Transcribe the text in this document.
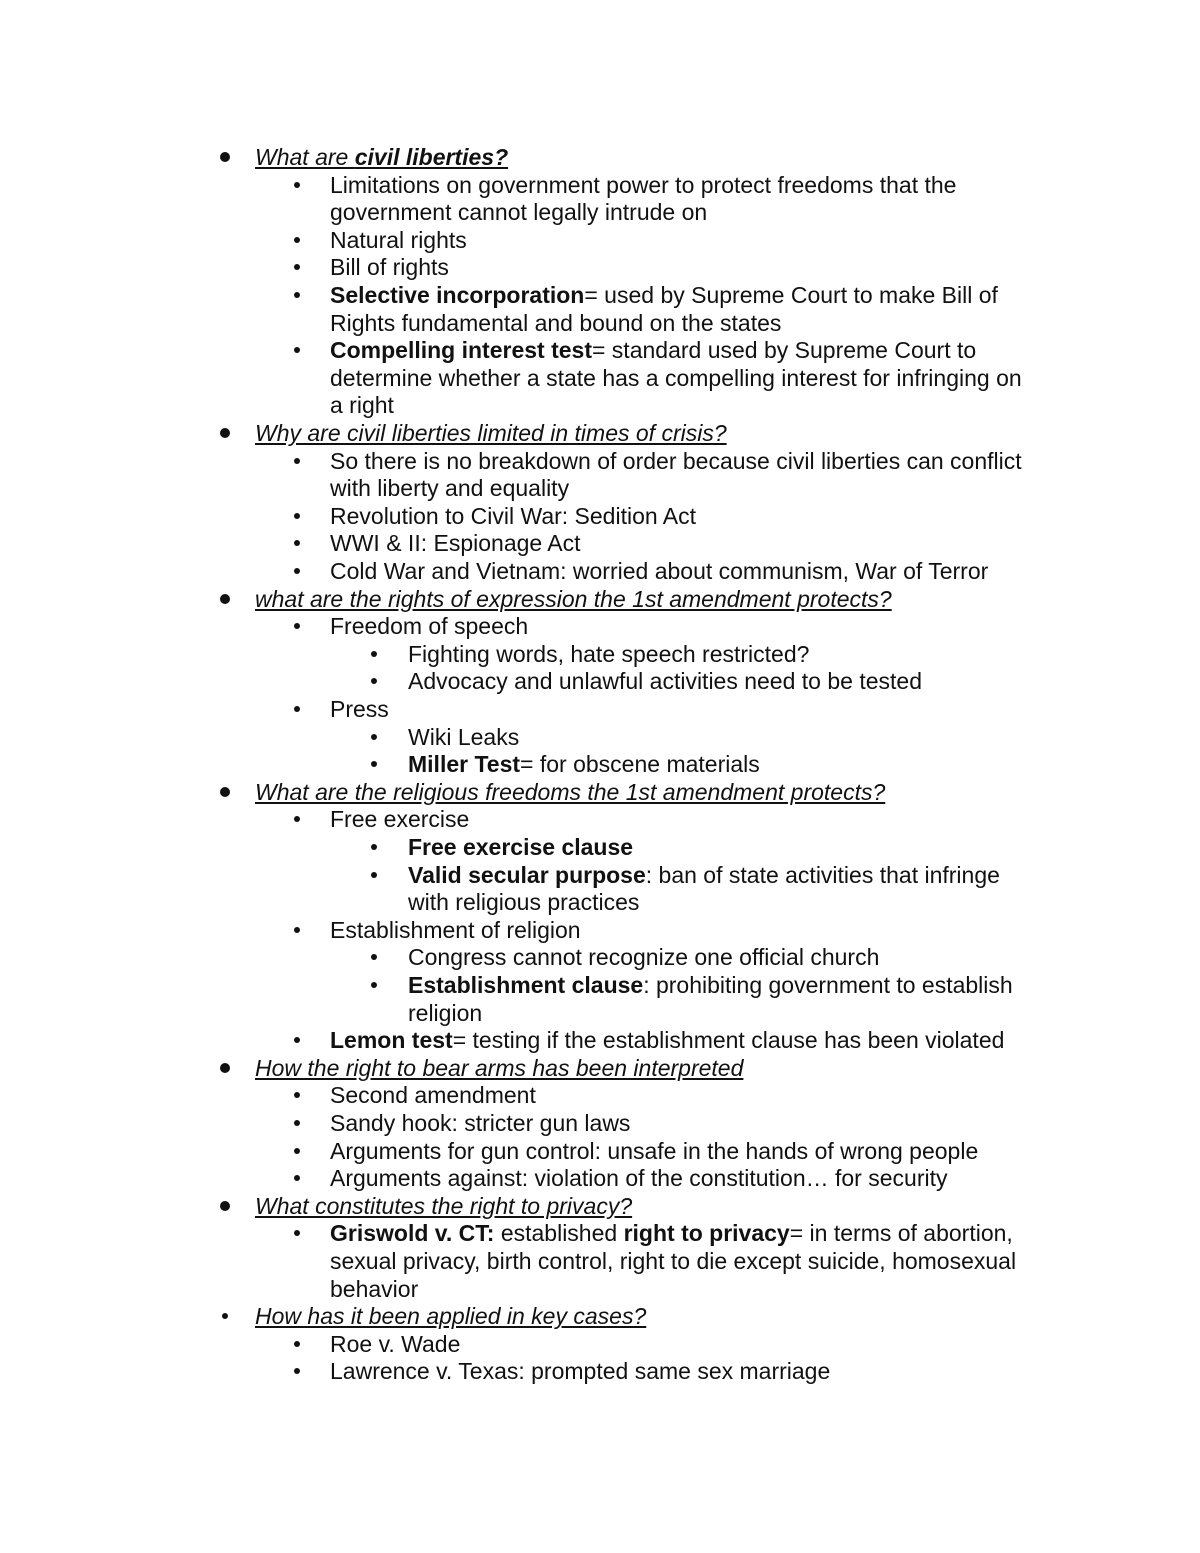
What are civil liberties?
Limitations on government power to protect freedoms that the
government cannot legally intrude on
Natural rights
Bill of rights
Selective incorporation= used by Supreme Court to make Bill of
Rights fundamental and bound on the states
Compelling interest test= standard used by Supreme Court to
determine whether a state has a compelling interest for infringing on
a right
Why are civil liberties limited in times of crisis?
So there is no breakdown of order because civil liberties can conflict
with liberty and equality
Revolution to Civil War: Sedition Act
WWI & II: Espionage Act
Cold War and Vietnam: worried about communism, War of Terror
what are the rights of expression the 1st amendment protects?
Freedom of speech
Fighting words, hate speech restricted?
Advocacy and unlawful activities need to be tested
Press
Wiki Leaks
Miller Test= for obscene materials
What are the religious freedoms the 1st amendment protects?
Free exercise
Free exercise clause
Valid secular purpose: ban of state activities that infringe
with religious practices
Establishment of religion
Congress cannot recognize one official church
Establishment clause: prohibiting government to establish
religion
Lemon test= testing if the establishment clause has been violated
How the right to bear arms has been interpreted
Second amendment
Sandy hook: stricter gun laws
Arguments for gun control: unsafe in the hands of wrong people
Arguments against: violation of the constitution… for security
What constitutes the right to privacy?
Griswold v. CT: established right to privacy= in terms of abortion,
sexual privacy, birth control, right to die except suicide, homosexual
behavior
How has it been applied in key cases?
Roe v. Wade
Lawrence v. Texas: prompted same sex marriage
